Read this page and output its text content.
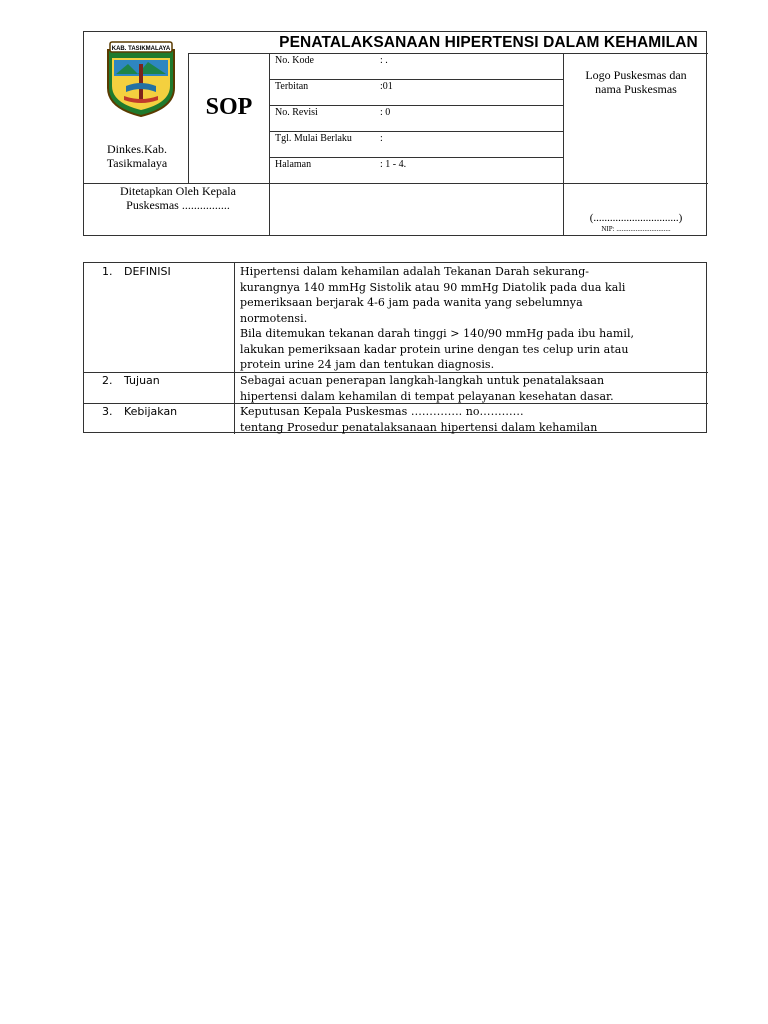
PENATALAKSANAAN HIPERTENSI DALAM KEHAMILAN
KAB. TASIKMALAYA
Dinkes.Kab.
Tasikmalaya
SOP
No. Kode	: .
Terbitan	:01
No. Revisi	: 0
Tgl. Mulai Berlaku	:
Halaman	: 1 - 4.
Logo Puskesmas dan
nama Puskesmas
Ditetapkan Oleh Kepala
Puskesmas ................
(...............................)
NIP: ...............................
1. DEFINISI	Hipertensi dalam kehamilan adalah Tekanan Darah sekurang-
kurangnya 140 mmHg Sistolik atau 90 mmHg Diatolik pada dua kali
pemeriksaan berjarak 4-6 jam pada wanita yang sebelumnya
normotensi.
Bila ditemukan tekanan darah tinggi > 140/90 mmHg pada ibu hamil,
lakukan pemeriksaan kadar protein urine dengan tes celup urin atau
protein urine 24 jam dan tentukan diagnosis.
2. Tujuan	Sebagai acuan penerapan langkah-langkah untuk penatalaksaan
hipertensi dalam kehamilan di tempat pelayanan kesehatan dasar.
3. Kebijakan	Keputusan Kepala Puskesmas ………….. no…………
tentang Prosedur penatalaksanaan hipertensi dalam kehamilan
